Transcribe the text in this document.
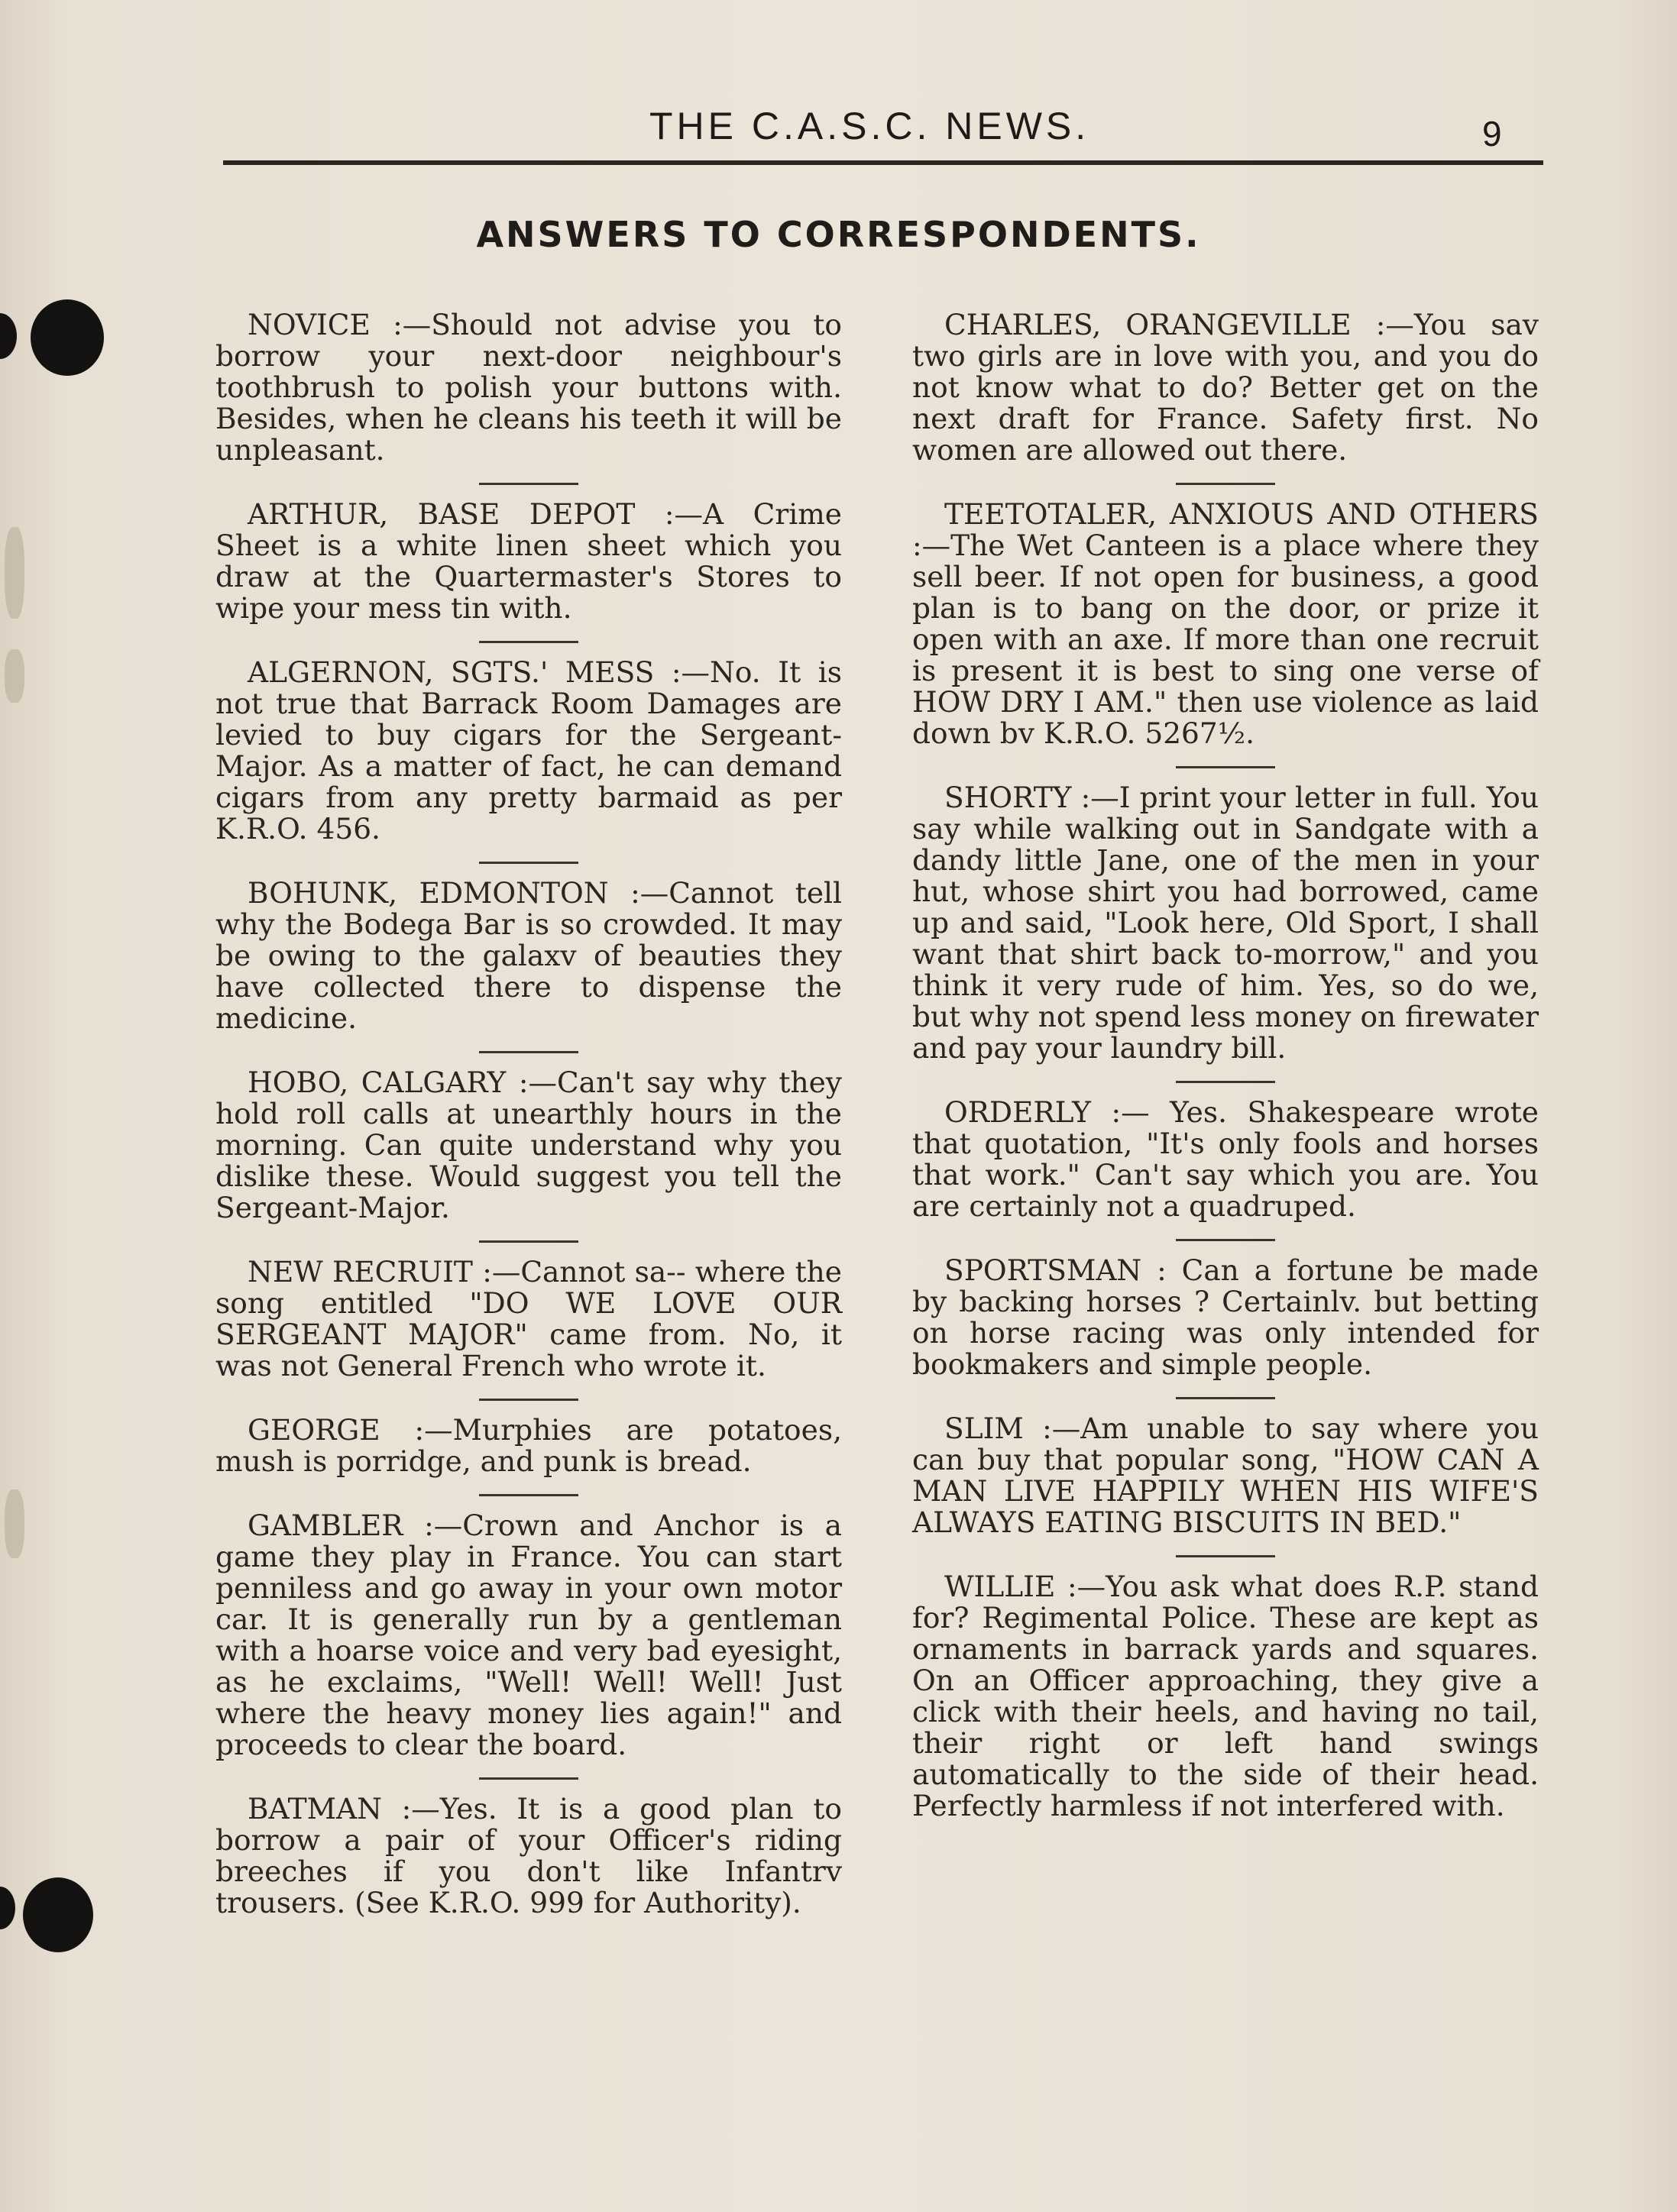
THE C.A.S.C. NEWS.	9
ANSWERS TO CORRESPONDENTS.

NOVICE :—Should not advise you to borrow your next-door neighbour's toothbrush to polish your buttons with. Besides, when he cleans his teeth it will be unpleasant.

ARTHUR, BASE DEPOT :—A Crime Sheet is a white linen sheet which you draw at the Quartermaster's Stores to wipe your mess tin with.

ALGERNON, SGTS.' MESS :—No. It is not true that Barrack Room Damages are levied to buy cigars for the Sergeant-Major. As a matter of fact, he can demand cigars from any pretty barmaid as per K.R.O. 456.

BOHUNK, EDMONTON :—Cannot tell why the Bodega Bar is so crowded. It may be owing to the galaxv of beauties they have collected there to dispense the medicine.

HOBO, CALGARY :—Can't say why they hold roll calls at unearthly hours in the morning. Can quite understand why you dislike these. Would suggest you tell the Sergeant-Major.

NEW RECRUIT :—Cannot sa-- where the song entitled "DO WE LOVE OUR SERGEANT MAJOR" came from. No, it was not General French who wrote it.

GEORGE :—Murphies are potatoes, mush is porridge, and punk is bread.

GAMBLER :—Crown and Anchor is a game they play in France. You can start penniless and go away in your own motor car. It is generally run by a gentleman with a hoarse voice and very bad eyesight, as he exclaims, "Well! Well! Well! Just where the heavy money lies again!" and proceeds to clear the board.

BATMAN :—Yes. It is a good plan to borrow a pair of your Officer's riding breeches if you don't like Infantrv trousers. (See K.R.O. 999 for Authority).

CHARLES, ORANGEVILLE :—You sav two girls are in love with you, and you do not know what to do? Better get on the next draft for France. Safety first. No women are allowed out there.

TEETOTALER, ANXIOUS AND OTHERS :—The Wet Canteen is a place where they sell beer. If not open for business, a good plan is to bang on the door, or prize it open with an axe. If more than one recruit is present it is best to sing one verse of HOW DRY I AM." then use violence as laid down bv K.R.O. 5267½.

SHORTY :—I print your letter in full. You say while walking out in Sandgate with a dandy little Jane, one of the men in your hut, whose shirt you had borrowed, came up and said, "Look here, Old Sport, I shall want that shirt back to-morrow," and you think it very rude of him. Yes, so do we, but why not spend less money on firewater and pay your laundry bill.

ORDERLY :— Yes. Shakespeare wrote that quotation, "It's only fools and horses that work." Can't say which you are. You are certainly not a quadruped.

SPORTSMAN : Can a fortune be made by backing horses ? Certainlv. but betting on horse racing was only intended for bookmakers and simple people.

SLIM :—Am unable to say where you can buy that popular song, "HOW CAN A MAN LIVE HAPPILY WHEN HIS WIFE'S ALWAYS EATING BISCUITS IN BED."

WILLIE :—You ask what does R.P. stand for? Regimental Police. These are kept as ornaments in barrack yards and squares. On an Officer approaching, they give a click with their heels, and having no tail, their right or left hand swings automatically to the side of their head. Perfectly harmless if not interfered with.
